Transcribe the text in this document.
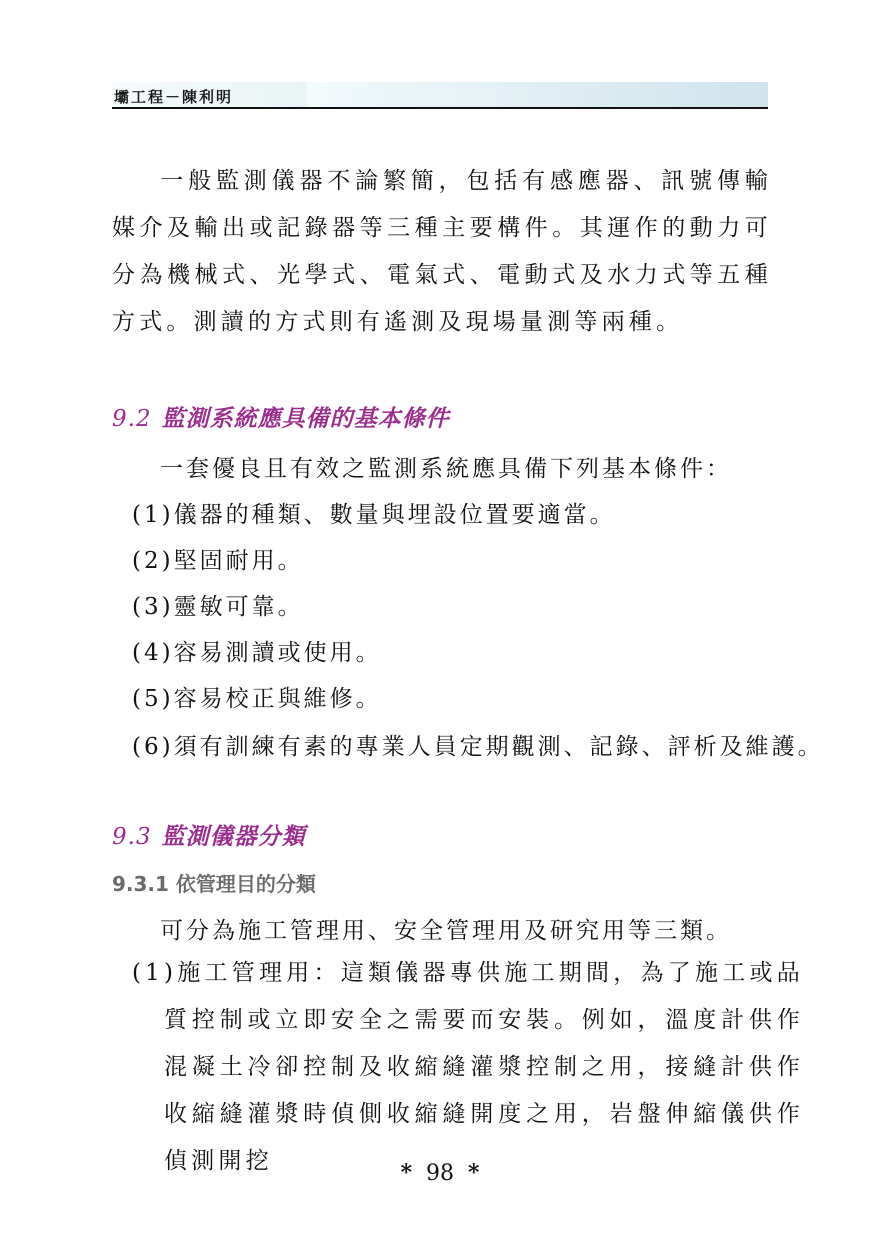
壩工程－陳利明

一般監測儀器不論繁簡，包括有感應器、訊號傳輸媒介及輸出或記錄器等三種主要構件。其運作的動力可分為機械式、光學式、電氣式、電動式及水力式等五種方式。測讀的方式則有遙測及現場量測等兩種。

9.2 監測系統應具備的基本條件

一套優良且有效之監測系統應具備下列基本條件：

(1)儀器的種類、數量與埋設位置要適當。

(2)堅固耐用。

(3)靈敏可靠。

(4)容易測讀或使用。

(5)容易校正與維修。

(6)須有訓練有素的專業人員定期觀測、記錄、評析及維護。

9.3 監測儀器分類
9.3.1 依管理目的分類

可分為施工管理用、安全管理用及研究用等三類。

(1)施工管理用：這類儀器專供施工期間，為了施工或品質控制或立即安全之需要而安裝。例如，溫度計供作混凝土冷卻控制及收縮縫灌漿控制之用，接縫計供作收縮縫灌漿時偵側收縮縫開度之用，岩盤伸縮儀供作偵測開挖	* 98 *
